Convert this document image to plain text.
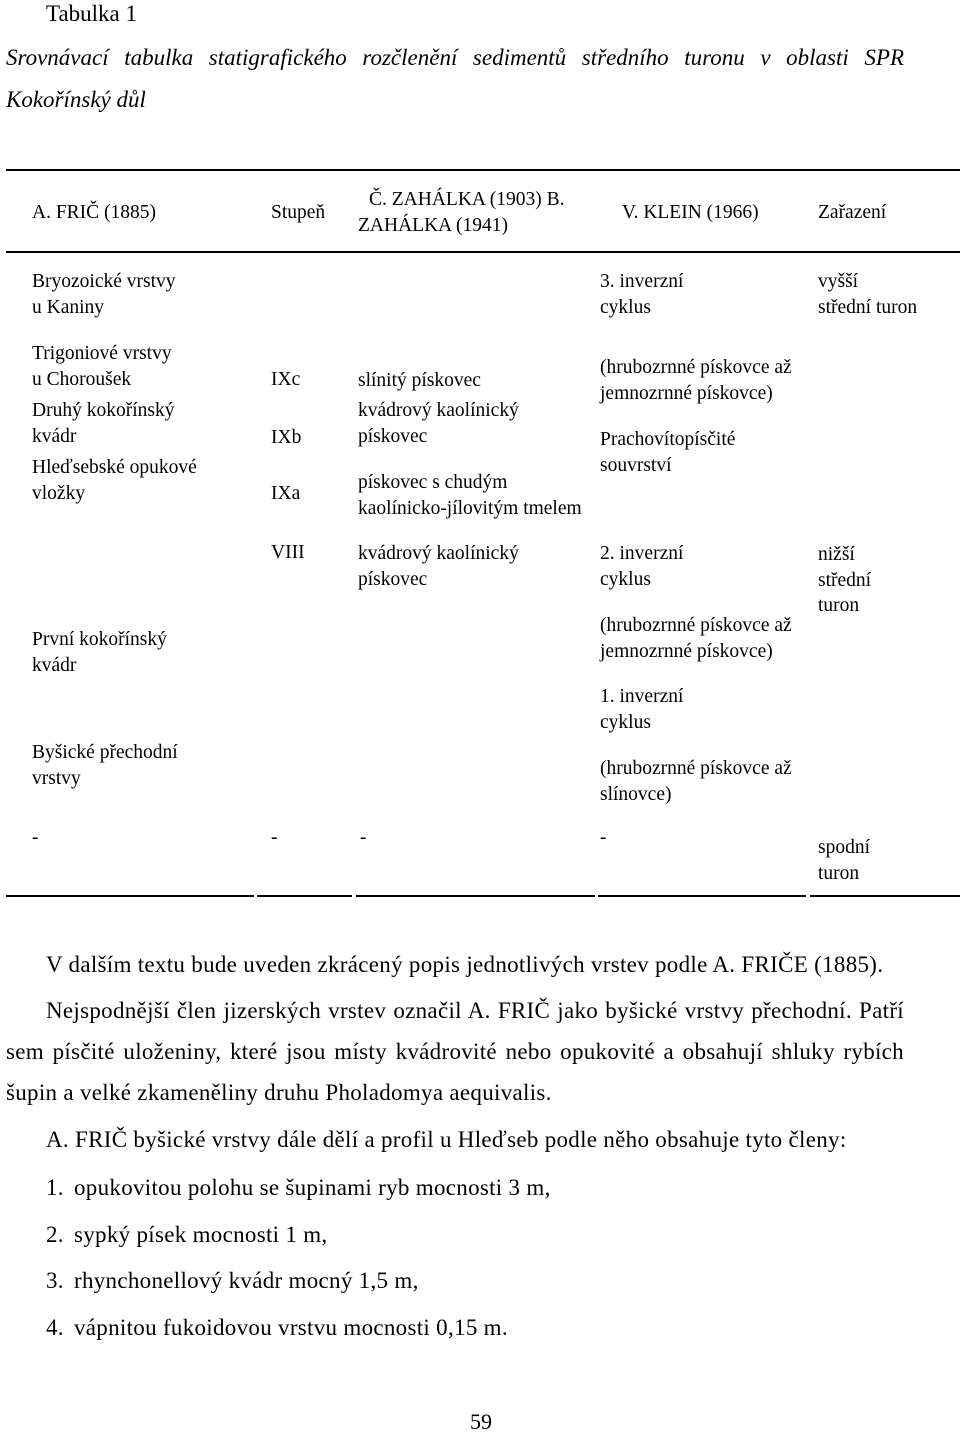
Tabulka 1
Srovnávací tabulka statigrafického rozčlenění sedimentů středního turonu v oblasti SPR
Kokořínský důl
A. FRIČ (1885)	Stupeň
Č. ZAHÁLKA (1903) B.
ZAHÁLKA (1941)
V. KLEIN (1966)	Zařazení
Bryozoické vrstvy
u Kaniny
Trigoniové vrstvy
u Choroušek
Druhý kokořínský
kvádr
Hleďsebské opukové
vložky
První kokořínský
kvádr
Byšické přechodní
vrstvy
-
IXc
IXb
IXa
VIII
-
slínitý pískovec
kvádrový kaolínický
pískovec
pískovec s chudým
kaolínicko-jílovitým tmelem
kvádrový kaolínický
pískovec
-
3. inverzní
cyklus
(hrubozrnné pískovce až
jemnozrnné pískovce)
Prachovítopísčité
souvrství
2. inverzní
cyklus
(hrubozrnné pískovce až
jemnozrnné pískovce)
1. inverzní
cyklus
(hrubozrnné pískovce až
slínovce)
-
vyšší
střední turon
nižší
střední
turon
spodní
turon
V dalším textu bude uveden zkrácený popis jednotlivých vrstev podle A. FRIČE (1885).
Nejspodnější člen jizerských vrstev označil A. FRIČ jako byšické vrstvy přechodní. Patří
sem písčité uloženiny, které jsou místy kvádrovité nebo opukovité a obsahují shluky rybích
šupin a velké zkameněliny druhu Pholadomya aequivalis.
A. FRIČ byšické vrstvy dále dělí a profil u Hleďseb podle něho obsahuje tyto členy:
1. opukovitou polohu se šupinami ryb mocnosti 3 m,
2. sypký písek mocnosti 1 m,
3. rhynchonellový kvádr mocný 1,5 m,
4. vápnitou fukoidovou vrstvu mocnosti 0,15 m.
59
